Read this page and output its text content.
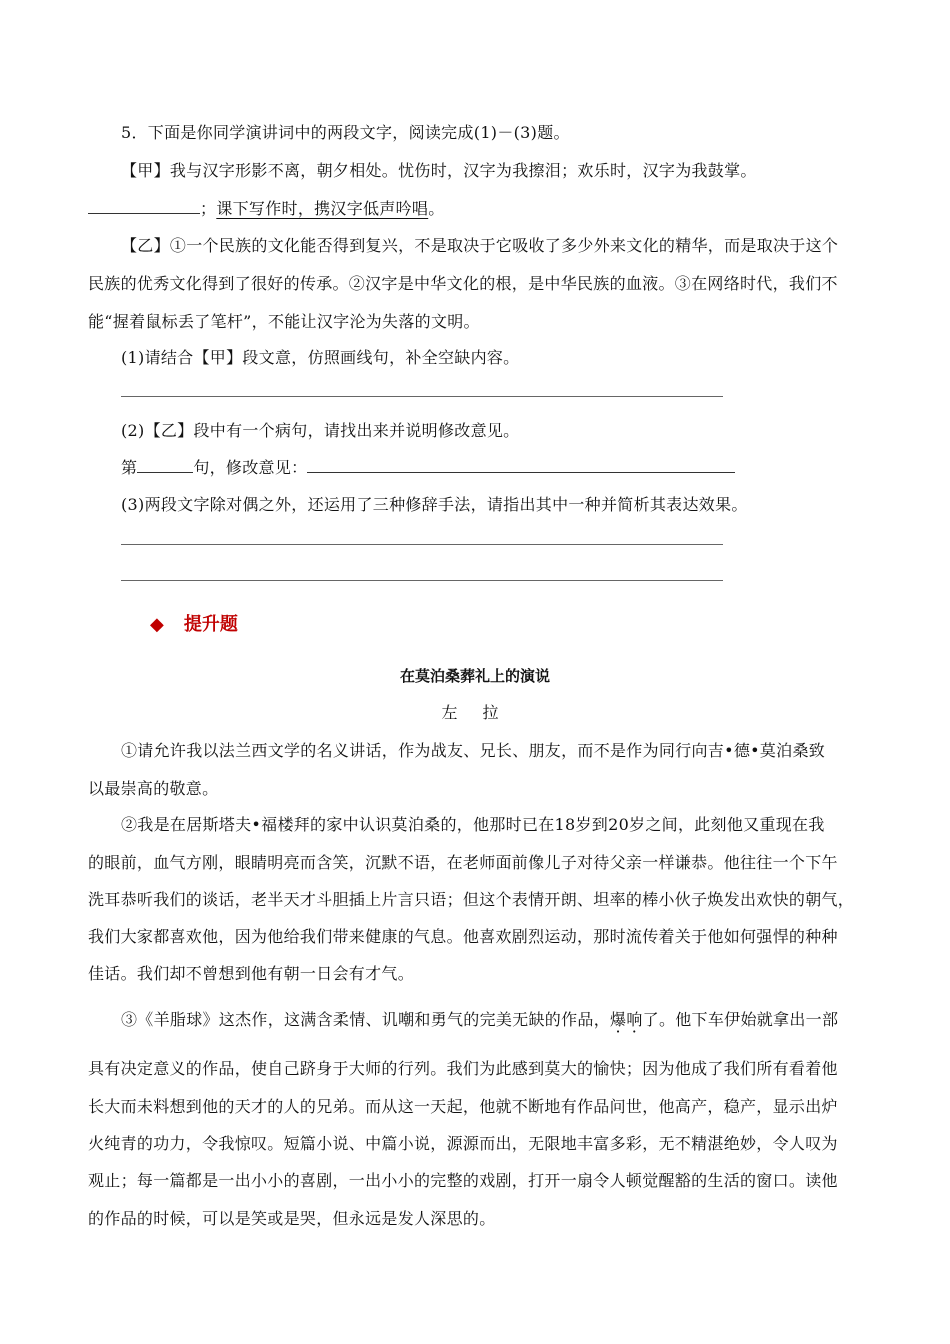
5．下面是你同学演讲词中的两段文字，阅读完成(1)－(3)题。
【甲】我与汉字形影不离，朝夕相处。忧伤时，汉字为我擦泪；欢乐时，汉字为我鼓掌。
；课下写作时，携汉字低声吟唱。
【乙】①一个民族的文化能否得到复兴，不是取决于它吸收了多少外来文化的精华，而是取决于这个
民族的优秀文化得到了很好的传承。②汉字是中华文化的根，是中华民族的血液。③在网络时代，我们不
能“握着鼠标丢了笔杆”，不能让汉字沦为失落的文明。
(1)请结合【甲】段文意，仿照画线句，补全空缺内容。
(2)【乙】段中有一个病句，请找出来并说明修改意见。
第	句，修改意见：
(3)两段文字除对偶之外，还运用了三种修辞手法，请指出其中一种并简析其表达效果。
◆ 提升题
在莫泊桑葬礼上的演说
左 拉
①请允许我以法兰西文学的名义讲话，作为战友、兄长、朋友，而不是作为同行向吉•德•莫泊桑致
以最崇高的敬意。
②我是在居斯塔夫•福楼拜的家中认识莫泊桑的，他那时已在18岁到20岁之间，此刻他又重现在我
的眼前，血气方刚，眼睛明亮而含笑，沉默不语，在老师面前像儿子对待父亲一样谦恭。他往往一个下午
洗耳恭听我们的谈话，老半天才斗胆插上片言只语；但这个表情开朗、坦率的棒小伙子焕发出欢快的朝气，
我们大家都喜欢他，因为他给我们带来健康的气息。他喜欢剧烈运动，那时流传着关于他如何强悍的种种
佳话。我们却不曾想到他有朝一日会有才气。
③《羊脂球》这杰作，这满含柔情、讥嘲和勇气的完美无缺的作品，爆响了。他下车伊始就拿出一部
具有决定意义的作品，使自己跻身于大师的行列。我们为此感到莫大的愉快；因为他成了我们所有看着他
长大而未料想到他的天才的人的兄弟。而从这一天起，他就不断地有作品问世，他高产，稳产，显示出炉
火纯青的功力，令我惊叹。短篇小说、中篇小说，源源而出，无限地丰富多彩，无不精湛绝妙，令人叹为
观止；每一篇都是一出小小的喜剧，一出小小的完整的戏剧，打开一扇令人顿觉醒豁的生活的窗口。读他
的作品的时候，可以是笑或是哭，但永远是发人深思的。
